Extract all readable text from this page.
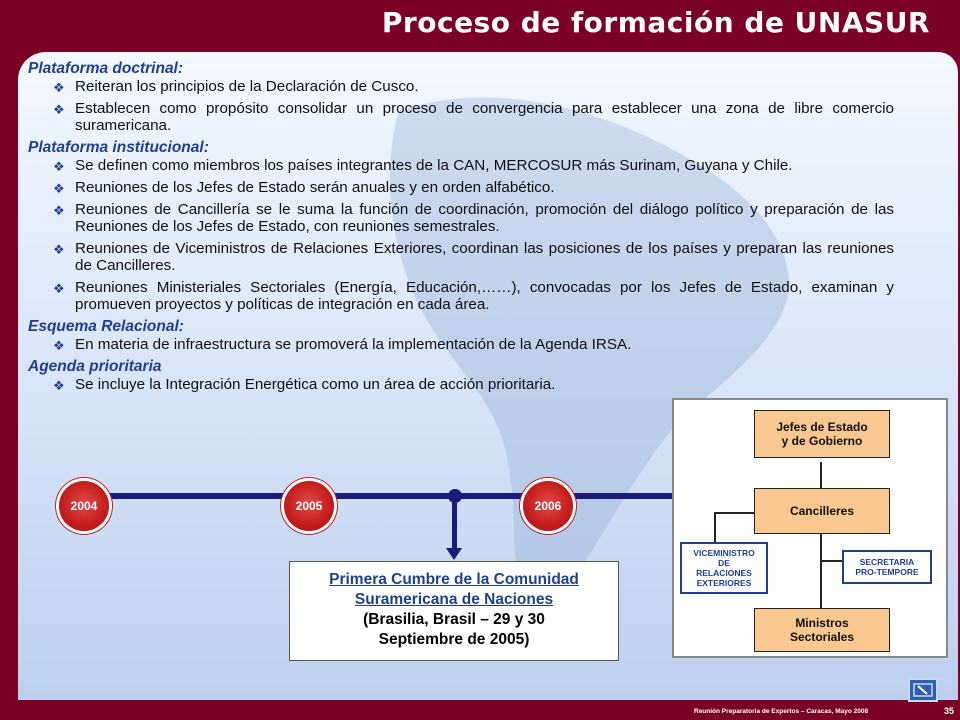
Proceso de formación de UNASUR
Plataforma doctrinal:
❖ Reiteran los principios de la Declaración de Cusco.
❖ Establecen como propósito consolidar un proceso de convergencia para establecer una zona de libre comercio suramericana.
Plataforma institucional:
❖ Se definen como miembros los países integrantes de la CAN, MERCOSUR más Surinam, Guyana y Chile.
❖ Reuniones de los Jefes de Estado serán anuales y en orden alfabético.
❖ Reuniones de Cancillería se le suma la función de coordinación, promoción del diálogo político y preparación de las Reuniones de los Jefes de Estado, con reuniones semestrales.
❖ Reuniones de Viceministros de Relaciones Exteriores, coordinan las posiciones de los países y preparan las reuniones de Cancilleres.
❖ Reuniones Ministeriales Sectoriales (Energía, Educación,……), convocadas por los Jefes de Estado, examinan y promueven proyectos y políticas de integración en cada área.
Esquema Relacional:
❖ En materia de infraestructura se promoverá la implementación de la Agenda IRSA.
Agenda prioritaria
❖ Se incluye la Integración Energética como un área de acción prioritaria.
2004	2005	2006
Primera Cumbre de la Comunidad
Suramericana de Naciones
(Brasilia, Brasil – 29 y 30
Septiembre de 2005)
Jefes de Estado
y de Gobierno
Cancilleres
VICEMINISTRO
DE
RELACIONES
EXTERIORES
SECRETARIA
PRO-TEMPORE
Ministros
Sectoriales
Reunión Preparatoria de Expertos – Caracas, Mayo 2008	35
